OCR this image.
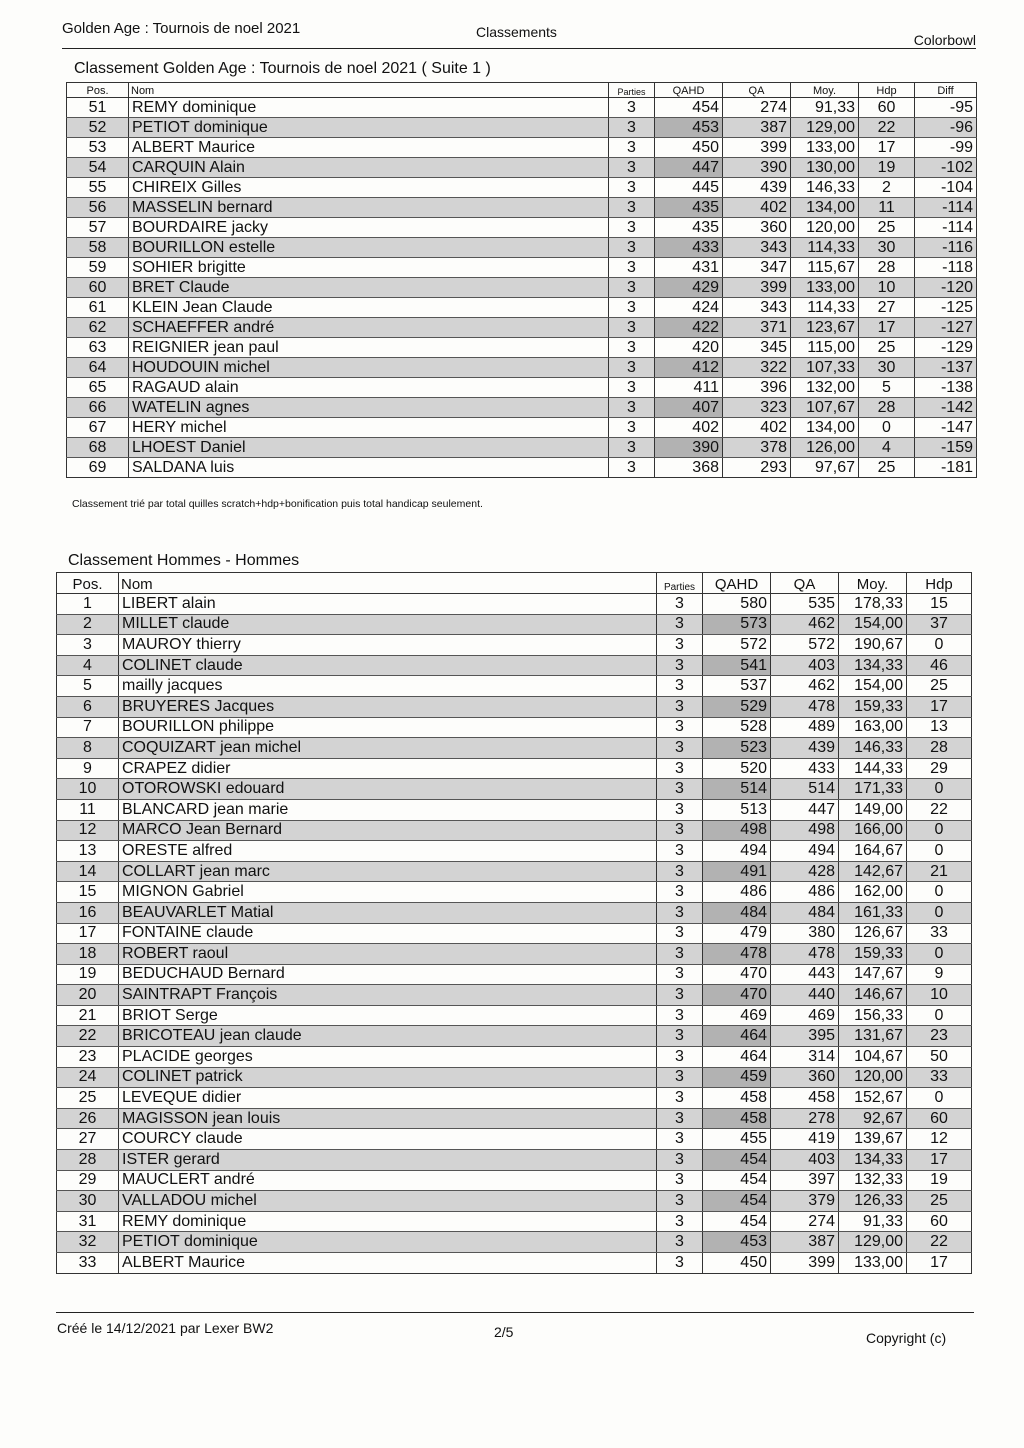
Golden Age : Tournois de noel 2021	Classements	Colorbowl
Classement Golden Age : Tournois de noel 2021 ( Suite 1 )
Pos.	Nom	Parties	QAHD	QA	Moy.	Hdp	Diff
51	REMY dominique	3	454	274	91,33	60	-95
52	PETIOT dominique	3	453	387	129,00	22	-96
53	ALBERT Maurice	3	450	399	133,00	17	-99
54	CARQUIN Alain	3	447	390	130,00	19	-102
55	CHIREIX Gilles	3	445	439	146,33	2	-104
56	MASSELIN bernard	3	435	402	134,00	11	-114
57	BOURDAIRE jacky	3	435	360	120,00	25	-114
58	BOURILLON estelle	3	433	343	114,33	30	-116
59	SOHIER brigitte	3	431	347	115,67	28	-118
60	BRET Claude	3	429	399	133,00	10	-120
61	KLEIN Jean Claude	3	424	343	114,33	27	-125
62	SCHAEFFER andré	3	422	371	123,67	17	-127
63	REIGNIER jean paul	3	420	345	115,00	25	-129
64	HOUDOUIN michel	3	412	322	107,33	30	-137
65	RAGAUD alain	3	411	396	132,00	5	-138
66	WATELIN agnes	3	407	323	107,67	28	-142
67	HERY michel	3	402	402	134,00	0	-147
68	LHOEST Daniel	3	390	378	126,00	4	-159
69	SALDANA luis	3	368	293	97,67	25	-181
Classement trié par total quilles scratch+hdp+bonification puis total handicap seulement.
Classement Hommes - Hommes
Pos.	Nom	Parties	QAHD	QA	Moy.	Hdp
1	LIBERT alain	3	580	535	178,33	15
2	MILLET claude	3	573	462	154,00	37
3	MAUROY thierry	3	572	572	190,67	0
4	COLINET claude	3	541	403	134,33	46
5	mailly jacques	3	537	462	154,00	25
6	BRUYERES Jacques	3	529	478	159,33	17
7	BOURILLON philippe	3	528	489	163,00	13
8	COQUIZART jean michel	3	523	439	146,33	28
9	CRAPEZ didier	3	520	433	144,33	29
10	OTOROWSKI edouard	3	514	514	171,33	0
11	BLANCARD jean marie	3	513	447	149,00	22
12	MARCO Jean Bernard	3	498	498	166,00	0
13	ORESTE alfred	3	494	494	164,67	0
14	COLLART jean marc	3	491	428	142,67	21
15	MIGNON Gabriel	3	486	486	162,00	0
16	BEAUVARLET Matial	3	484	484	161,33	0
17	FONTAINE claude	3	479	380	126,67	33
18	ROBERT raoul	3	478	478	159,33	0
19	BEDUCHAUD Bernard	3	470	443	147,67	9
20	SAINTRAPT François	3	470	440	146,67	10
21	BRIOT Serge	3	469	469	156,33	0
22	BRICOTEAU jean claude	3	464	395	131,67	23
23	PLACIDE georges	3	464	314	104,67	50
24	COLINET patrick	3	459	360	120,00	33
25	LEVEQUE didier	3	458	458	152,67	0
26	MAGISSON jean louis	3	458	278	92,67	60
27	COURCY claude	3	455	419	139,67	12
28	ISTER gerard	3	454	403	134,33	17
29	MAUCLERT andré	3	454	397	132,33	19
30	VALLADOU michel	3	454	379	126,33	25
31	REMY dominique	3	454	274	91,33	60
32	PETIOT dominique	3	453	387	129,00	22
33	ALBERT Maurice	3	450	399	133,00	17
Créé le 14/12/2021 par Lexer BW2	2/5	Copyright (c)
